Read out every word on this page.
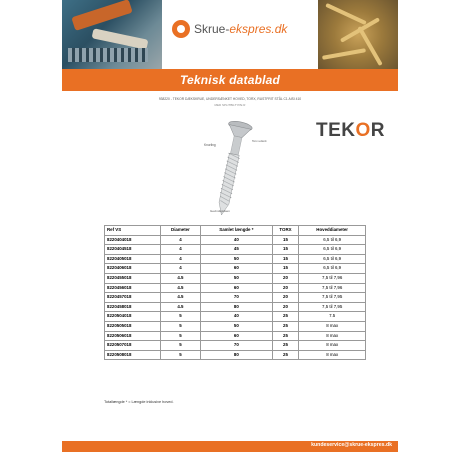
Skrue-ekspres.dk
Teknisk datablad
938220 - TEKOR DÆKSKRUE, UNDERSÆNKET HOVED, TORX, RUSTFRIT STÅL C1 AISI 410
MED SPLITBILTYPE R
Knurling
Torx udsnit
Gevindspidsen
TEKOR
Ref VS	Diameter	Samlet længde *	TORX	Hoveddiameter
8220404018	4	40	15	6,5 til 6,9
8220404518	4	45	15	6,5 til 6,9
8220405018	4	50	15	6,5 til 6,9
8220406018	4	60	15	6,5 til 6,9
8220455018	4.5	50	20	7,5 til 7,96
8220456018	4.5	60	20	7,5 til 7,96
8220457018	4.5	70	20	7,5 til 7,95
8220458018	4.5	80	20	7,5 til 7,95
8220504018	5	40	25	7.5
8220505018	5	50	25	8 max
8220506018	5	60	25	8 max
8220507018	5	70	25	8 max
8220508018	5	80	25	8 max
Totallængde * = Længde inklusive hoved.
kundeservice@skrue-ekspres.dk
